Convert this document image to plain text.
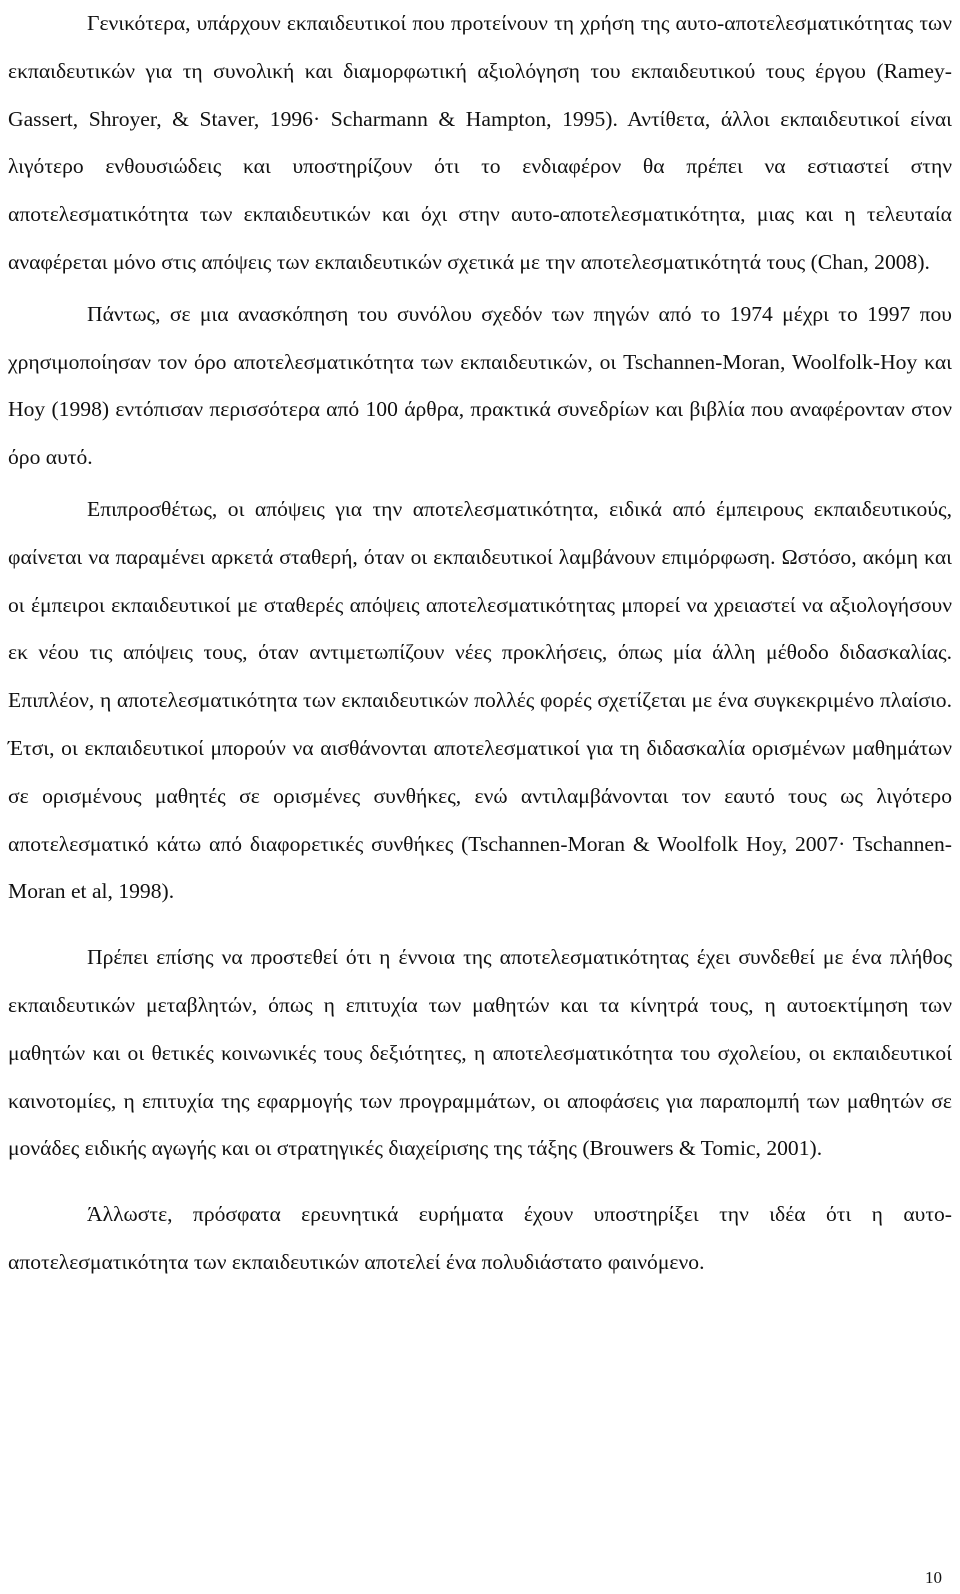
Γενικότερα, υπάρχουν εκπαιδευτικοί που προτείνουν τη χρήση της αυτο-αποτελεσματικότητας των εκπαιδευτικών για τη συνολική και διαμορφωτική αξιολόγηση του εκπαιδευτικού τους έργου (Ramey-Gassert, Shroyer, & Staver, 1996· Scharmann & Hampton, 1995). Αντίθετα, άλλοι εκπαιδευτικοί είναι λιγότερο ενθουσιώδεις και υποστηρίζουν ότι το ενδιαφέρον θα πρέπει να εστιαστεί στην αποτελεσματικότητα των εκπαιδευτικών και όχι στην αυτο-αποτελεσματικότητα, μιας και η τελευταία αναφέρεται μόνο στις απόψεις των εκπαιδευτικών σχετικά με την αποτελεσματικότητά τους (Chan, 2008).

Πάντως, σε μια ανασκόπηση του συνόλου σχεδόν των πηγών από το 1974 μέχρι το 1997 που χρησιμοποίησαν τον όρο αποτελεσματικότητα των εκπαιδευτικών, οι Tschannen-Moran, Woolfolk-Hoy και Hoy (1998) εντόπισαν περισσότερα από 100 άρθρα, πρακτικά συνεδρίων και βιβλία που αναφέρονταν στον όρο αυτό.

Επιπροσθέτως, οι απόψεις για την αποτελεσματικότητα, ειδικά από έμπειρους εκπαιδευτικούς, φαίνεται να παραμένει αρκετά σταθερή, όταν οι εκπαιδευτικοί λαμβάνουν επιμόρφωση. Ωστόσο, ακόμη και οι έμπειροι εκπαιδευτικοί με σταθερές απόψεις αποτελεσματικότητας μπορεί να χρειαστεί να αξιολογήσουν εκ νέου τις απόψεις τους, όταν αντιμετωπίζουν νέες προκλήσεις, όπως μία άλλη μέθοδο διδασκαλίας. Επιπλέον, η αποτελεσματικότητα των εκπαιδευτικών πολλές φορές σχετίζεται με ένα συγκεκριμένο πλαίσιο. Έτσι, οι εκπαιδευτικοί μπορούν να αισθάνονται αποτελεσματικοί για τη διδασκαλία ορισμένων μαθημάτων σε ορισμένους μαθητές σε ορισμένες συνθήκες, ενώ αντιλαμβάνονται τον εαυτό τους ως λιγότερο αποτελεσματικό κάτω από διαφορετικές συνθήκες (Tschannen-Moran & Woolfolk Hoy, 2007· Tschannen-Moran et al, 1998).

Πρέπει επίσης να προστεθεί ότι η έννοια της αποτελεσματικότητας έχει συνδεθεί με ένα πλήθος εκπαιδευτικών μεταβλητών, όπως η επιτυχία των μαθητών και τα κίνητρά τους, η αυτοεκτίμηση των μαθητών και οι θετικές κοινωνικές τους δεξιότητες, η αποτελεσματικότητα του σχολείου, οι εκπαιδευτικοί καινοτομίες, η επιτυχία της εφαρμογής των προγραμμάτων, οι αποφάσεις για παραπομπή των μαθητών σε μονάδες ειδικής αγωγής και οι στρατηγικές διαχείρισης της τάξης (Brouwers & Tomic, 2001).

Άλλωστε, πρόσφατα ερευνητικά ευρήματα έχουν υποστηρίξει την ιδέα ότι η αυτο-αποτελεσματικότητα των εκπαιδευτικών αποτελεί ένα πολυδιάστατο φαινόμενο.

10
